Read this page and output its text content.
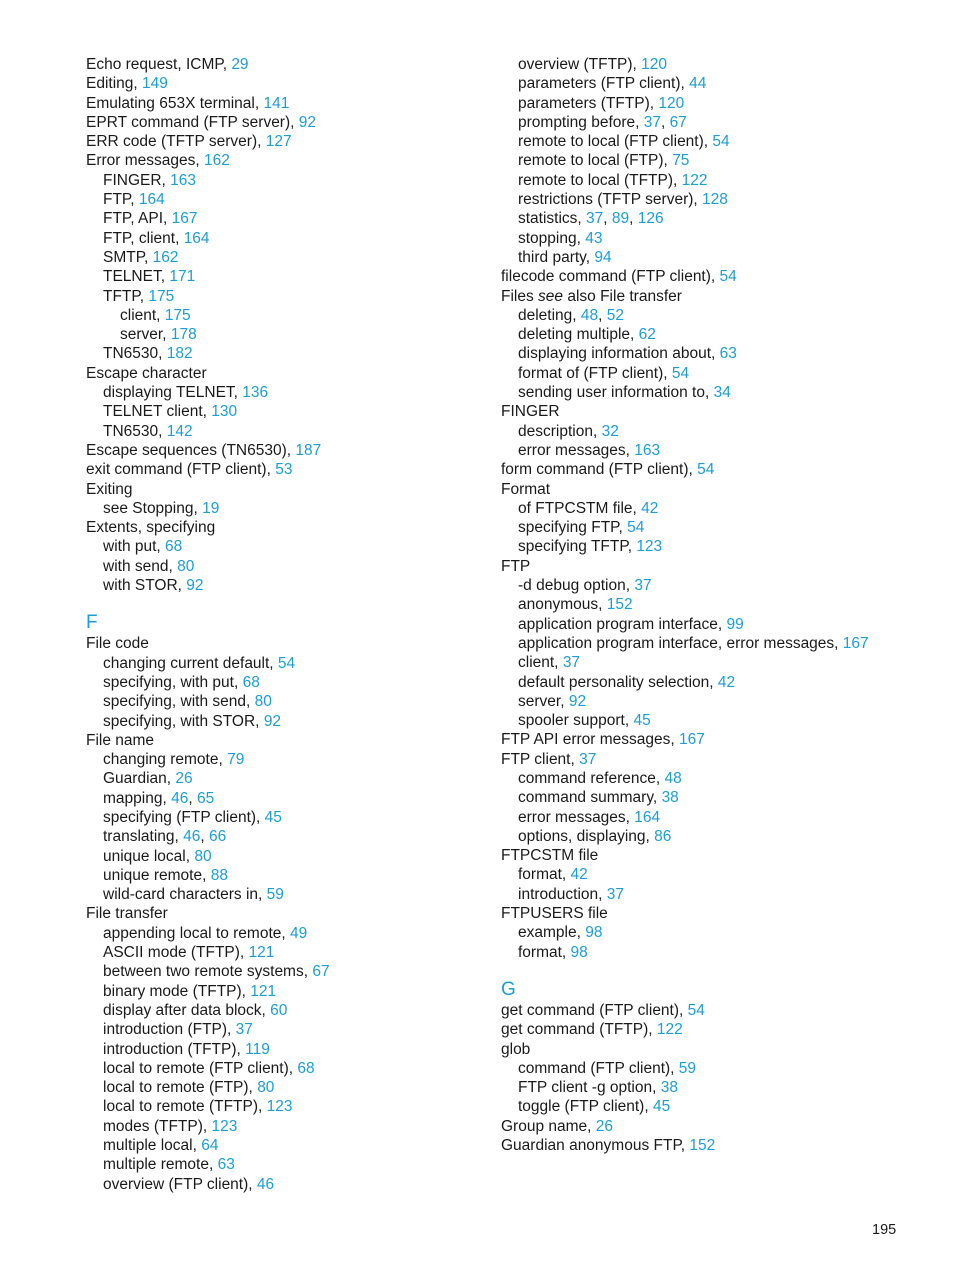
Echo request, ICMP, 29
Editing, 149
Emulating 653X terminal, 141
EPRT command (FTP server), 92
ERR code (TFTP server), 127
Error messages, 162
FINGER, 163
FTP, 164
FTP, API, 167
FTP, client, 164
SMTP, 162
TELNET, 171
TFTP, 175
client, 175
server, 178
TN6530, 182
Escape character
displaying TELNET, 136
TELNET client, 130
TN6530, 142
Escape sequences (TN6530), 187
exit command (FTP client), 53
Exiting
see Stopping, 19
Extents, specifying
with put, 68
with send, 80
with STOR, 92
F
File code
changing current default, 54
specifying, with put, 68
specifying, with send, 80
specifying, with STOR, 92
File name
changing remote, 79
Guardian, 26
mapping, 46, 65
specifying (FTP client), 45
translating, 46, 66
unique local, 80
unique remote, 88
wild-card characters in, 59
File transfer
appending local to remote, 49
ASCII mode (TFTP), 121
between two remote systems, 67
binary mode (TFTP), 121
display after data block, 60
introduction (FTP), 37
introduction (TFTP), 119
local to remote (FTP client), 68
local to remote (FTP), 80
local to remote (TFTP), 123
modes (TFTP), 123
multiple local, 64
multiple remote, 63
overview (FTP client), 46
overview (TFTP), 120
parameters (FTP client), 44
parameters (TFTP), 120
prompting before, 37, 67
remote to local (FTP client), 54
remote to local (FTP), 75
remote to local (TFTP), 122
restrictions (TFTP server), 128
statistics, 37, 89, 126
stopping, 43
third party, 94
filecode command (FTP client), 54
Files see also File transfer
deleting, 48, 52
deleting multiple, 62
displaying information about, 63
format of (FTP client), 54
sending user information to, 34
FINGER
description, 32
error messages, 163
form command (FTP client), 54
Format
of FTPCSTM file, 42
specifying FTP, 54
specifying TFTP, 123
FTP
-d debug option, 37
anonymous, 152
application program interface, 99
application program interface, error messages, 167
client, 37
default personality selection, 42
server, 92
spooler support, 45
FTP API error messages, 167
FTP client, 37
command reference, 48
command summary, 38
error messages, 164
options, displaying, 86
FTPCSTM file
format, 42
introduction, 37
FTPUSERS file
example, 98
format, 98
G
get command (FTP client), 54
get command (TFTP), 122
glob
command (FTP client), 59
FTP client -g option, 38
toggle (FTP client), 45
Group name, 26
Guardian anonymous FTP, 152
195
